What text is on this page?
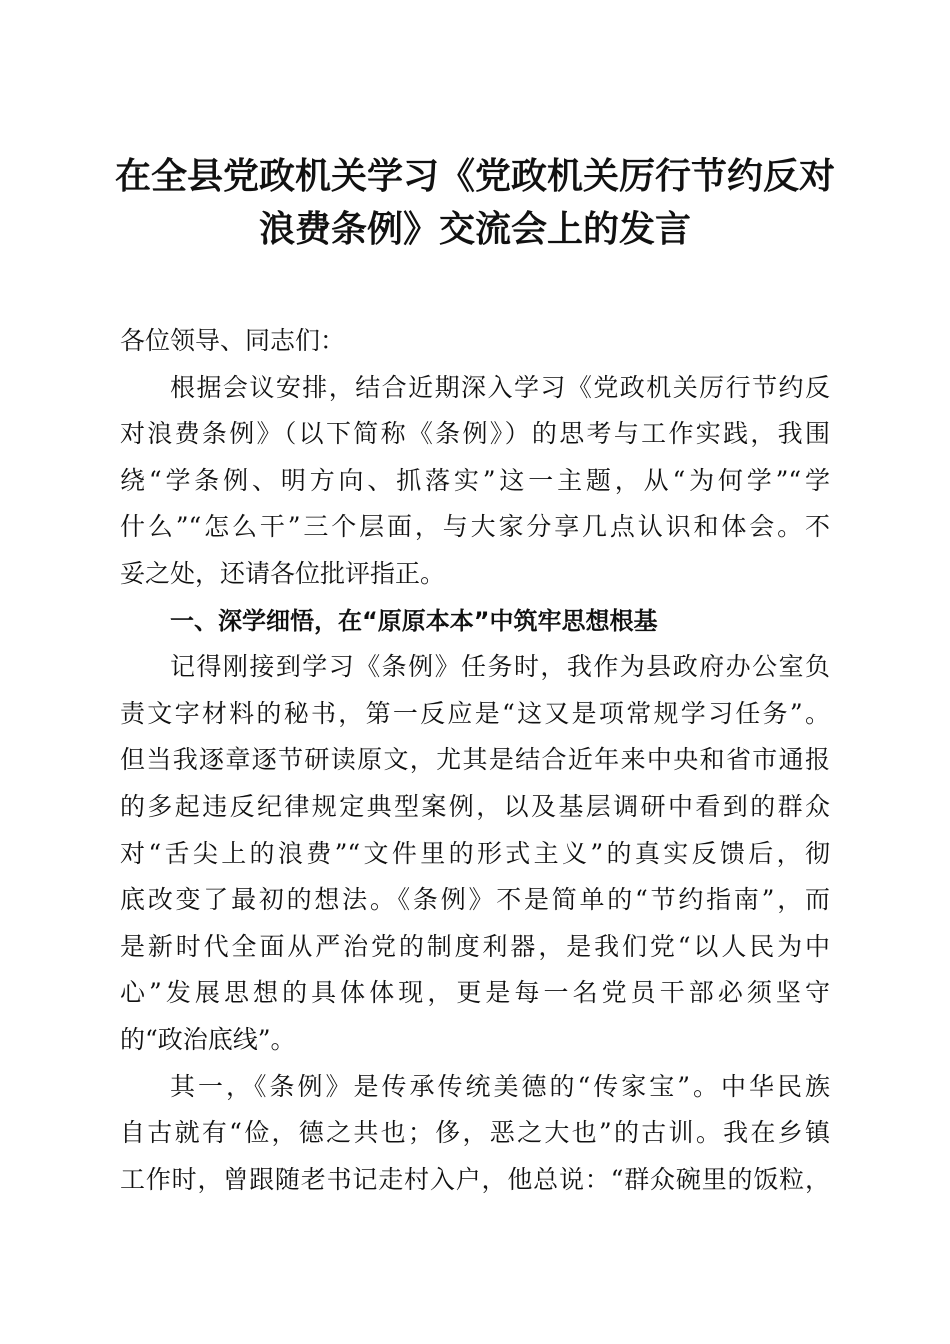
在全县党政机关学习《党政机关厉行节约反对
浪费条例》交流会上的发言
各位领导、同志们：
根据会议安排，结合近期深入学习《党政机关厉行节约反
对浪费条例》（以下简称《条例》）的思考与工作实践，我围
绕“学条例、明方向、抓落实”这一主题，从“为何学”“学
什么”“怎么干”三个层面，与大家分享几点认识和体会。不
妥之处，还请各位批评指正。
一、深学细悟，在“原原本本”中筑牢思想根基
记得刚接到学习《条例》任务时，我作为县政府办公室负
责文字材料的秘书，第一反应是“这又是项常规学习任务”。
但当我逐章逐节研读原文，尤其是结合近年来中央和省市通报
的多起违反纪律规定典型案例，以及基层调研中看到的群众
对“舌尖上的浪费”“文件里的形式主义”的真实反馈后，彻
底改变了最初的想法。《条例》不是简单的“节约指南”，而
是新时代全面从严治党的制度利器，是我们党“以人民为中
心”发展思想的具体体现，更是每一名党员干部必须坚守
的“政治底线”。
其一，《条例》是传承传统美德的“传家宝”。中华民族
自古就有“俭，德之共也；侈，恶之大也”的古训。我在乡镇
工作时，曾跟随老书记走村入户，他总说：“群众碗里的饭粒，
